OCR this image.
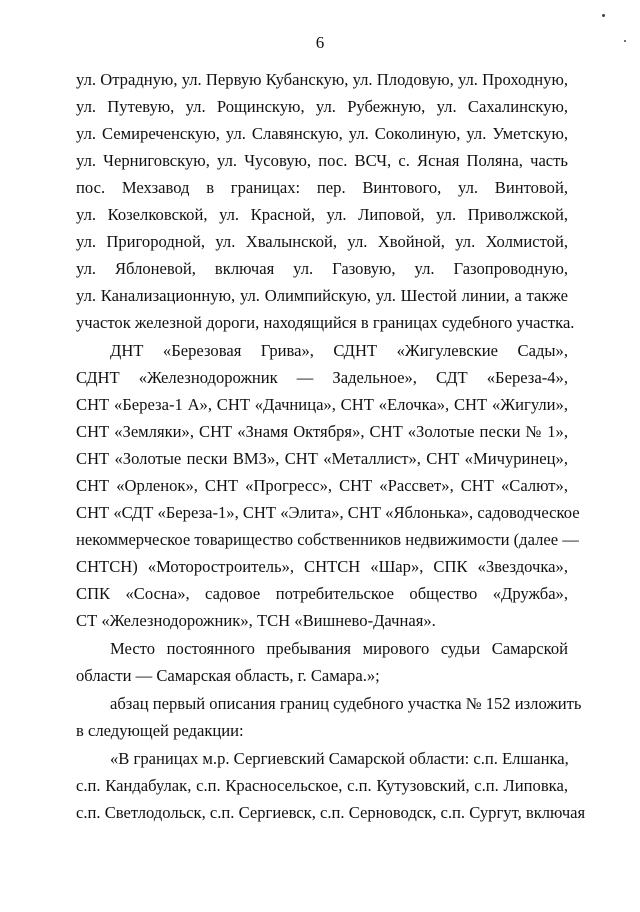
6
ул. Отрадную, ул. Первую Кубанскую, ул. Плодовую, ул. Проходную,
ул. Путевую, ул. Рощинскую, ул. Рубежную, ул. Сахалинскую,
ул. Семиреченскую, ул. Славянскую, ул. Соколиную, ул. Уметскую,
ул. Черниговскую, ул. Чусовую, пос. ВСЧ, с. Ясная Поляна, часть
пос. Мехзавод в границах: пер. Винтового, ул. Винтовой,
ул. Козелковской, ул. Красной, ул. Липовой, ул. Приволжской,
ул. Пригородной, ул. Хвалынской, ул. Хвойной, ул. Холмистой,
ул. Яблоневой, включая ул. Газовую, ул. Газопроводную,
ул. Канализационную, ул. Олимпийскую, ул. Шестой линии, а также
участок железной дороги, находящийся в границах судебного участка.
ДНТ «Березовая Грива», СДНТ «Жигулевские Сады»,
СДНТ «Железнодорожник — Задельное», СДТ «Береза-4»,
СНТ «Береза-1 А», СНТ «Дачница», СНТ «Елочка», СНТ «Жигули»,
СНТ «Земляки», СНТ «Знамя Октября», СНТ «Золотые пески № 1»,
СНТ «Золотые пески ВМЗ», СНТ «Металлист», СНТ «Мичуринец»,
СНТ «Орленок», СНТ «Прогресс», СНТ «Рассвет», СНТ «Салют»,
СНТ «СДТ «Береза-1», СНТ «Элита», СНТ «Яблонька», садоводческое
некоммерческое товарищество собственников недвижимости (далее —
СНТСН) «Моторостроитель», СНТСН «Шар», СПК «Звездочка»,
СПК «Сосна», садовое потребительское общество «Дружба»,
СТ «Железнодорожник», ТСН «Вишнево-Дачная».
Место постоянного пребывания мирового судьи Самарской
области — Самарская область, г. Самара.»;
абзац первый описания границ судебного участка № 152 изложить
в следующей редакции:
«В границах м.р. Сергиевский Самарской области: с.п. Елшанка,
с.п. Кандабулак, с.п. Красносельское, с.п. Кутузовский, с.п. Липовка,
с.п. Светлодольск, с.п. Сергиевск, с.п. Серноводск, с.п. Сургут, включая
